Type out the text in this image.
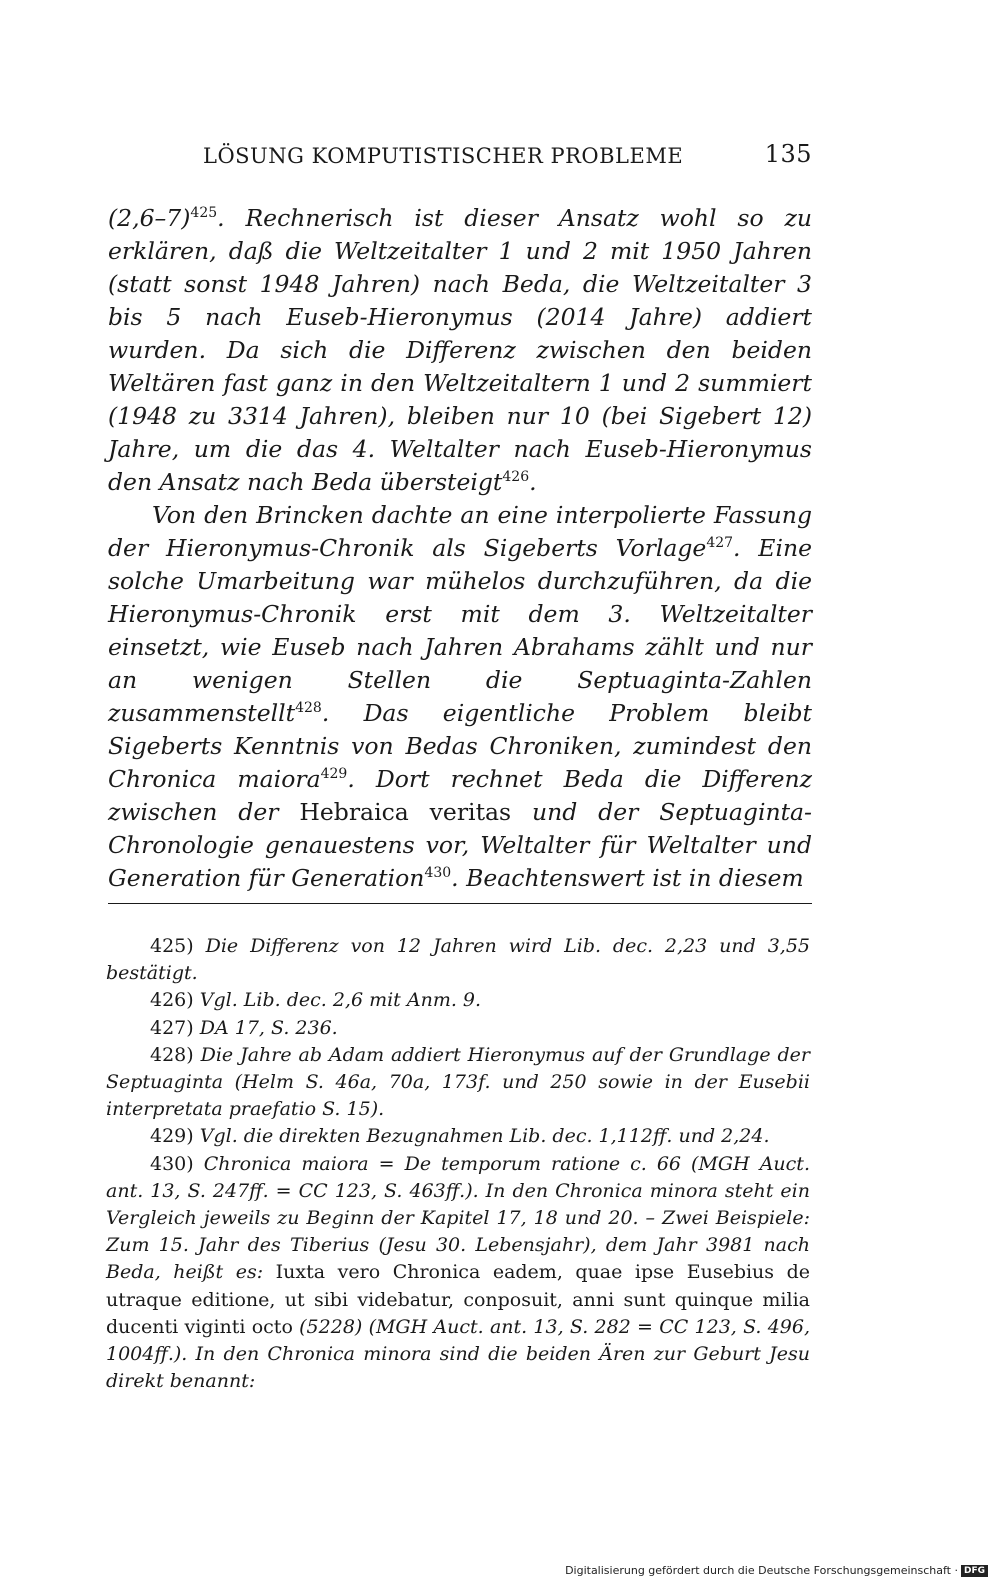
LÖSUNG KOMPUTISTISCHER PROBLEME	135

$(2,6-7)^{425}$. Rechnerisch ist dieser Ansatz wohl so zu erklären, daß die Weltzeitalter 1 und 2 mit 1950 Jahren (statt sonst 1948 Jahren) nach Beda, die Weltzeitalter 3 bis 5 nach Euseb-Hieronymus (2014 Jahre) addiert wurden. Da sich die Differenz zwischen den beiden Weltären fast ganz in den Weltzeitaltern 1 und 2 summiert (1948 zu 3314 Jahren), bleiben nur 10 (bei Sigebert 12) Jahre, um die das 4. Weltalter nach Euseb-Hieronymus den Ansatz nach Beda übersteigt$^{426}$.

Von den Brincken dachte an eine interpolierte Fassung der Hieronymus-Chronik als Sigeberts Vorlage$^{427}$. Eine solche Umarbeitung war mühelos durchzuführen, da die Hieronymus-Chronik erst mit dem 3. Weltzeitalter einsetzt, wie Euseb nach Jahren Abrahams zählt und nur an wenigen Stellen die Septuaginta-Zahlen zusammenstellt$^{428}$. Das eigentliche Problem bleibt Sigeberts Kenntnis von Bedas Chroniken, zumindest den Chronica maiora$^{429}$. Dort rechnet Beda die Differenz zwischen der Hebraica veritas und der Septuaginta-Chronologie genauestens vor, Weltalter für Weltalter und Generation für Generation$^{430}$. Beachtenswert ist in diesem

425) Die Differenz von 12 Jahren wird Lib. dec. 2,23 und 3,55 bestätigt.

426) Vgl. Lib. dec. 2,6 mit Anm. 9.

427) DA 17, S. 236.

428) Die Jahre ab Adam addiert Hieronymus auf der Grundlage der Septuaginta (Helm S. 46a, 70a, 173f. und 250 sowie in der Eusebii interpretata praefatio S. 15).

429) Vgl. die direkten Bezugnahmen Lib. dec. 1,112ff. und 2,24.

430) Chronica maiora = De temporum ratione c. 66 (MGH Auct. ant. 13, S. 247ff. = CC 123, S. 463ff.). In den Chronica minora steht ein Vergleich jeweils zu Beginn der Kapitel 17, 18 und 20. – Zwei Beispiele: Zum 15. Jahr des Tiberius (Jesu 30. Lebensjahr), dem Jahr 3981 nach Beda, heißt es: Iuxta vero Chronica eadem, quae ipse Eusebius de utraque editione, ut sibi videbatur, conposuit, anni sunt quinque milia ducenti viginti octo (5228) (MGH Auct. ant. 13, S. 282 = CC 123, S. 496, 1004ff.). In den Chronica minora sind die beiden Ären zur Geburt Jesu direkt benannt:

Digitalisierung gefördert durch die Deutsche Forschungsgemeinschaft · DFG
